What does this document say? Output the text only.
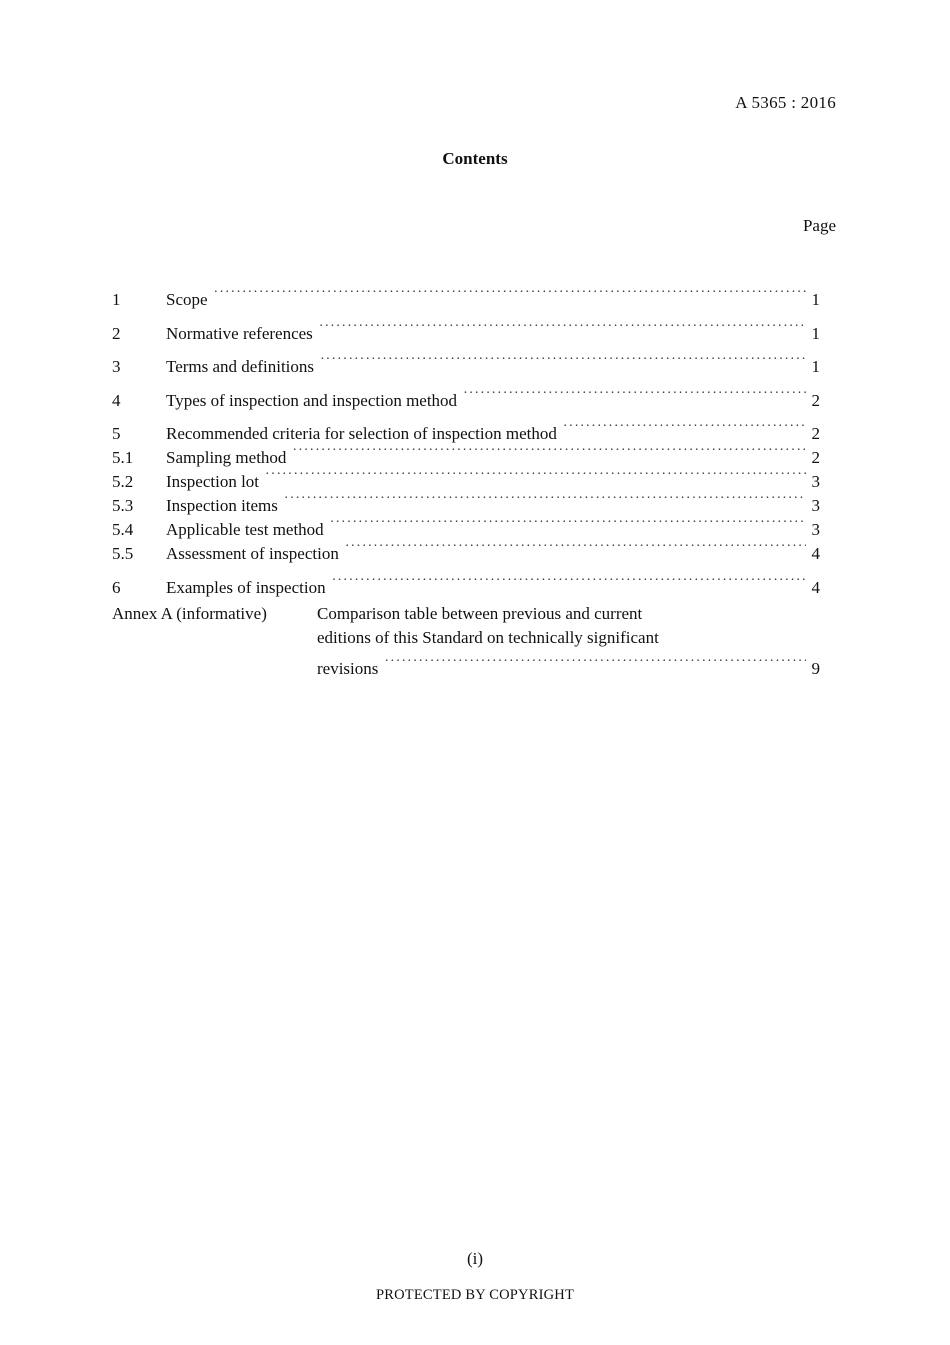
A 5365 : 2016
Contents
Page
1	Scope ·····	1
2	Normative references ·····	1
3	Terms and definitions ·····	1
4	Types of inspection and inspection method ·····	2
5	Recommended criteria for selection of inspection method ·····	2
5.1	Sampling method ·····	2
5.2	Inspection lot ·····	3
5.3	Inspection items ·····	3
5.4	Applicable test method ·····	3
5.5	Assessment of inspection ·····	4
6	Examples of inspection ·····	4
Annex A (informative)	Comparison table between previous and current
editions of this Standard on technically significant
revisions ·····	9
(i)
PROTECTED BY COPYRIGHT
